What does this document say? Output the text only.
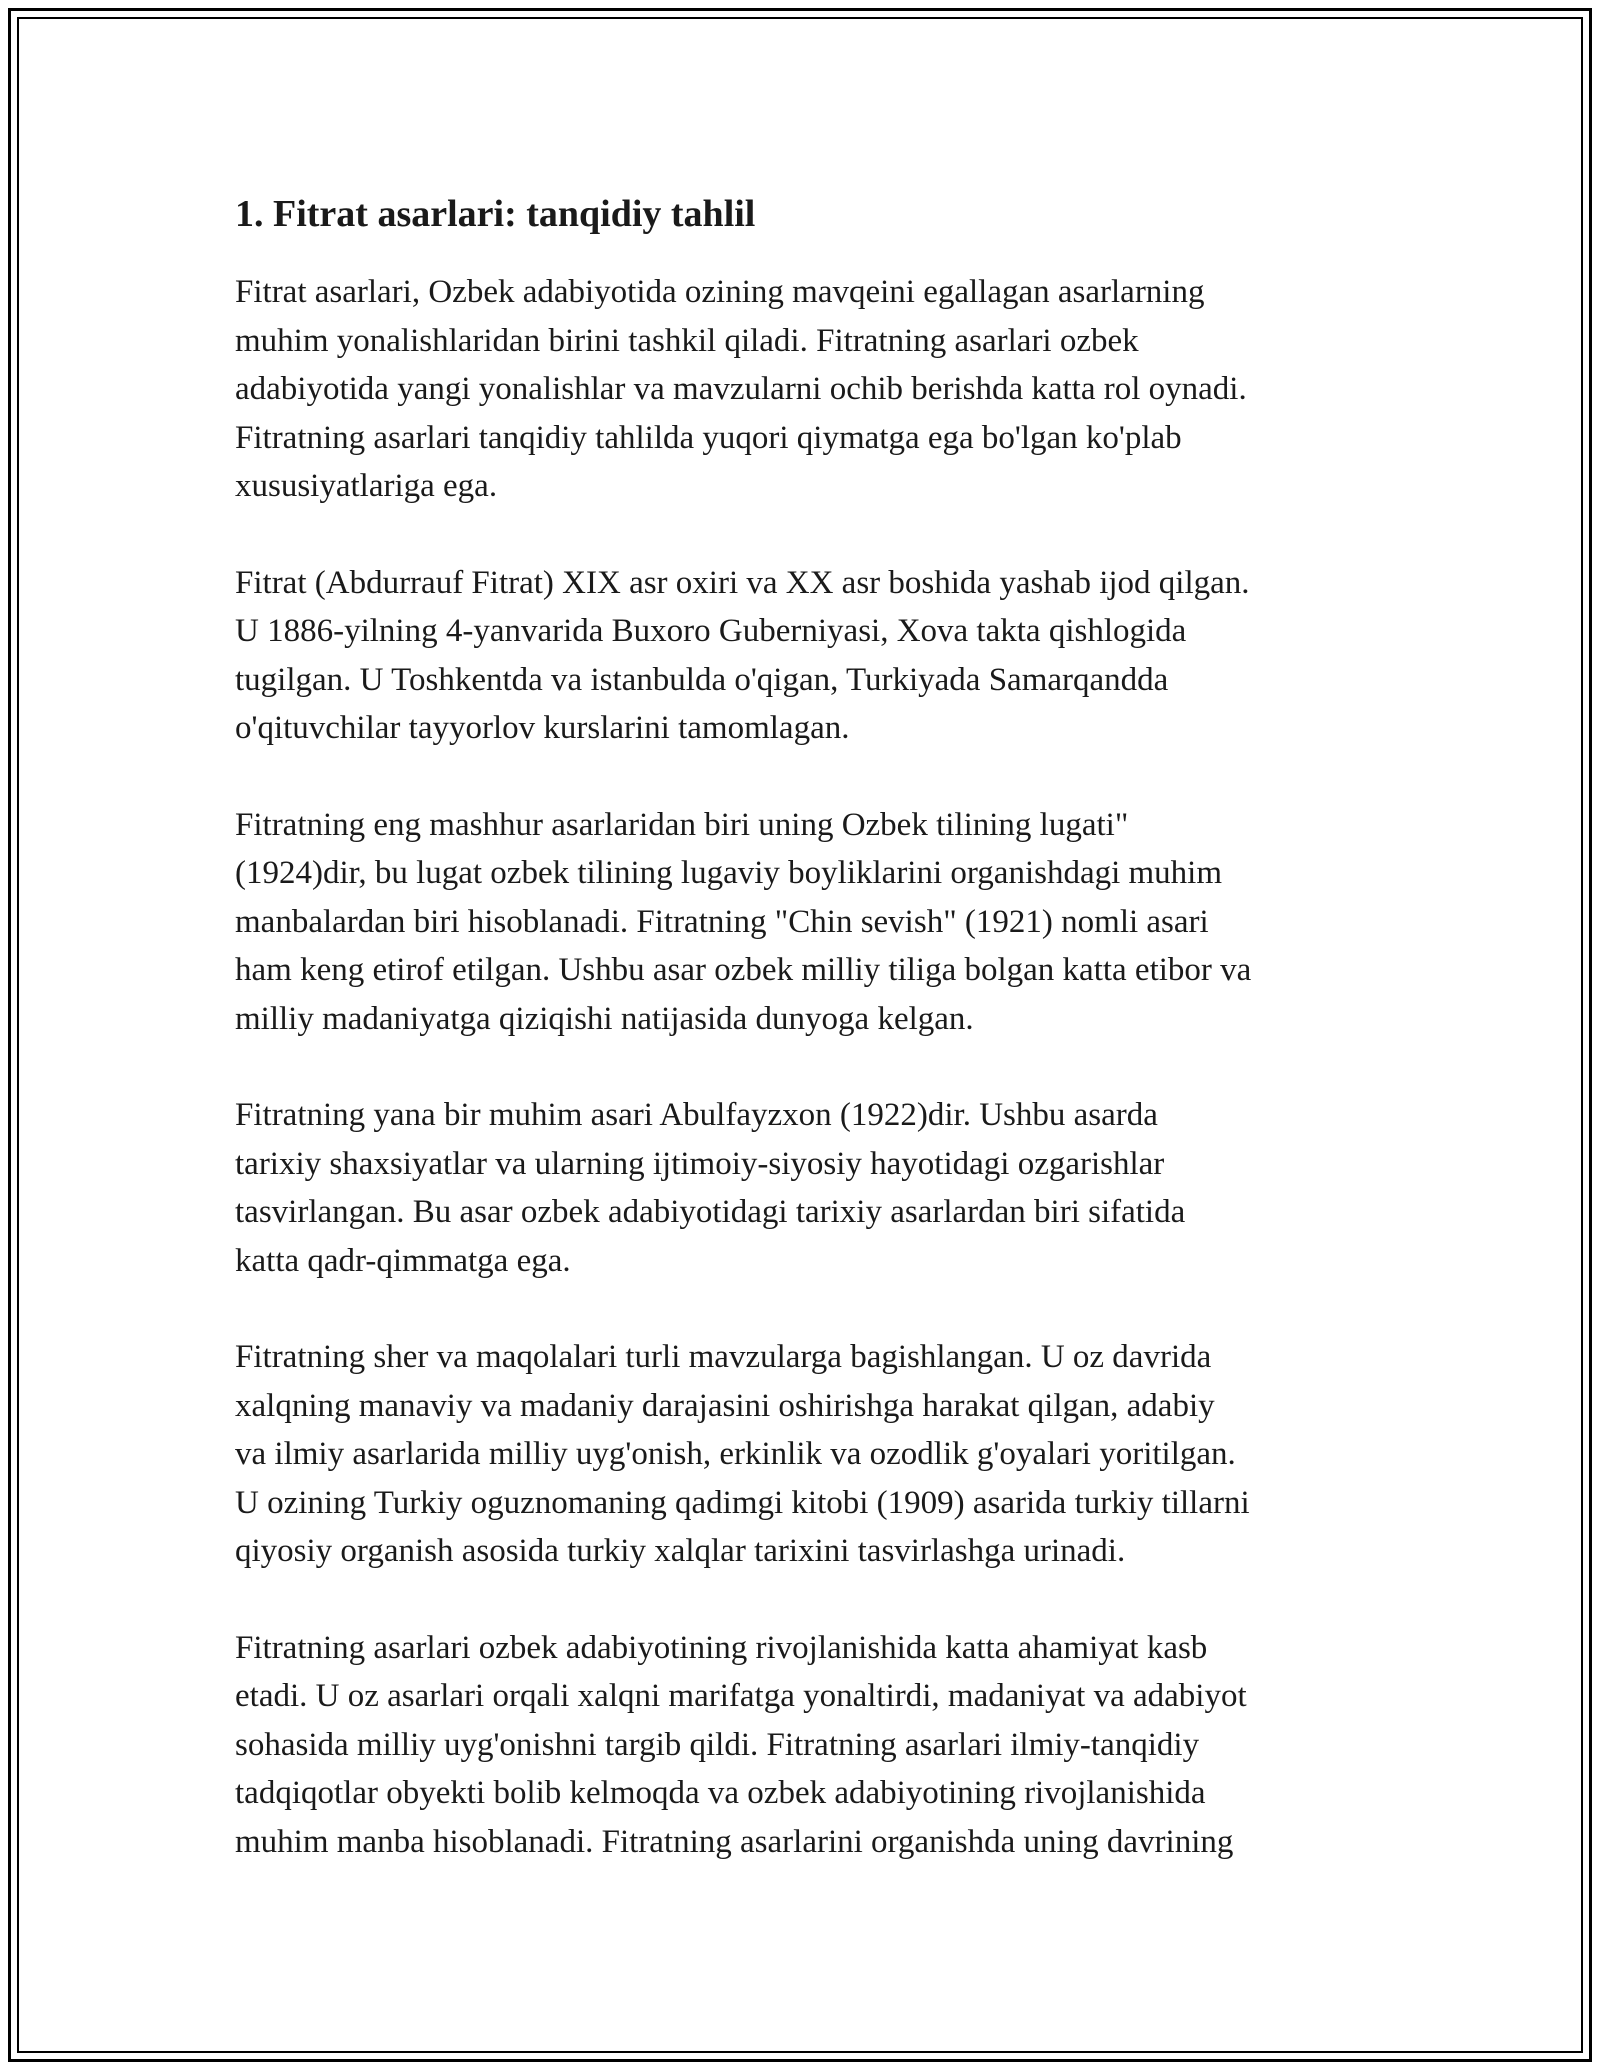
1. Fitrat asarlari: tanqidiy tahlil

Fitrat asarlari, Ozbek adabiyotida ozining mavqeini egallagan asarlarning
muhim yonalishlaridan birini tashkil qiladi. Fitratning asarlari ozbek
adabiyotida yangi yonalishlar va mavzularni ochib berishda katta rol oynadi.
Fitratning asarlari tanqidiy tahlilda yuqori qiymatga ega bo'lgan ko'plab
xususiyatlariga ega.

Fitrat (Abdurrauf Fitrat) XIX asr oxiri va XX asr boshida yashab ijod qilgan.
U 1886-yilning 4-yanvarida Buxoro Guberniyasi, Xova takta qishlogida
tugilgan. U Toshkentda va istanbulda o'qigan, Turkiyada Samarqandda
o'qituvchilar tayyorlov kurslarini tamomlagan.

Fitratning eng mashhur asarlaridan biri uning Ozbek tilining lugati"
(1924)dir, bu lugat ozbek tilining lugaviy boyliklarini organishdagi muhim
manbalardan biri hisoblanadi. Fitratning "Chin sevish" (1921) nomli asari
ham keng etirof etilgan. Ushbu asar ozbek milliy tiliga bolgan katta etibor va
milliy madaniyatga qiziqishi natijasida dunyoga kelgan.

Fitratning yana bir muhim asari Abulfayzxon (1922)dir. Ushbu asarda
tarixiy shaxsiyatlar va ularning ijtimoiy-siyosiy hayotidagi ozgarishlar
tasvirlangan. Bu asar ozbek adabiyotidagi tarixiy asarlardan biri sifatida
katta qadr-qimmatga ega.

Fitratning sher va maqolalari turli mavzularga bagishlangan. U oz davrida
xalqning manaviy va madaniy darajasini oshirishga harakat qilgan, adabiy
va ilmiy asarlarida milliy uyg'onish, erkinlik va ozodlik g'oyalari yoritilgan.
U ozining Turkiy oguznomaning qadimgi kitobi (1909) asarida turkiy tillarni
qiyosiy organish asosida turkiy xalqlar tarixini tasvirlashga urinadi.

Fitratning asarlari ozbek adabiyotining rivojlanishida katta ahamiyat kasb
etadi. U oz asarlari orqali xalqni marifatga yonaltirdi, madaniyat va adabiyot
sohasida milliy uyg'onishni targib qildi. Fitratning asarlari ilmiy-tanqidiy
tadqiqotlar obyekti bolib kelmoqda va ozbek adabiyotining rivojlanishida
muhim manba hisoblanadi. Fitratning asarlarini organishda uning davrining
